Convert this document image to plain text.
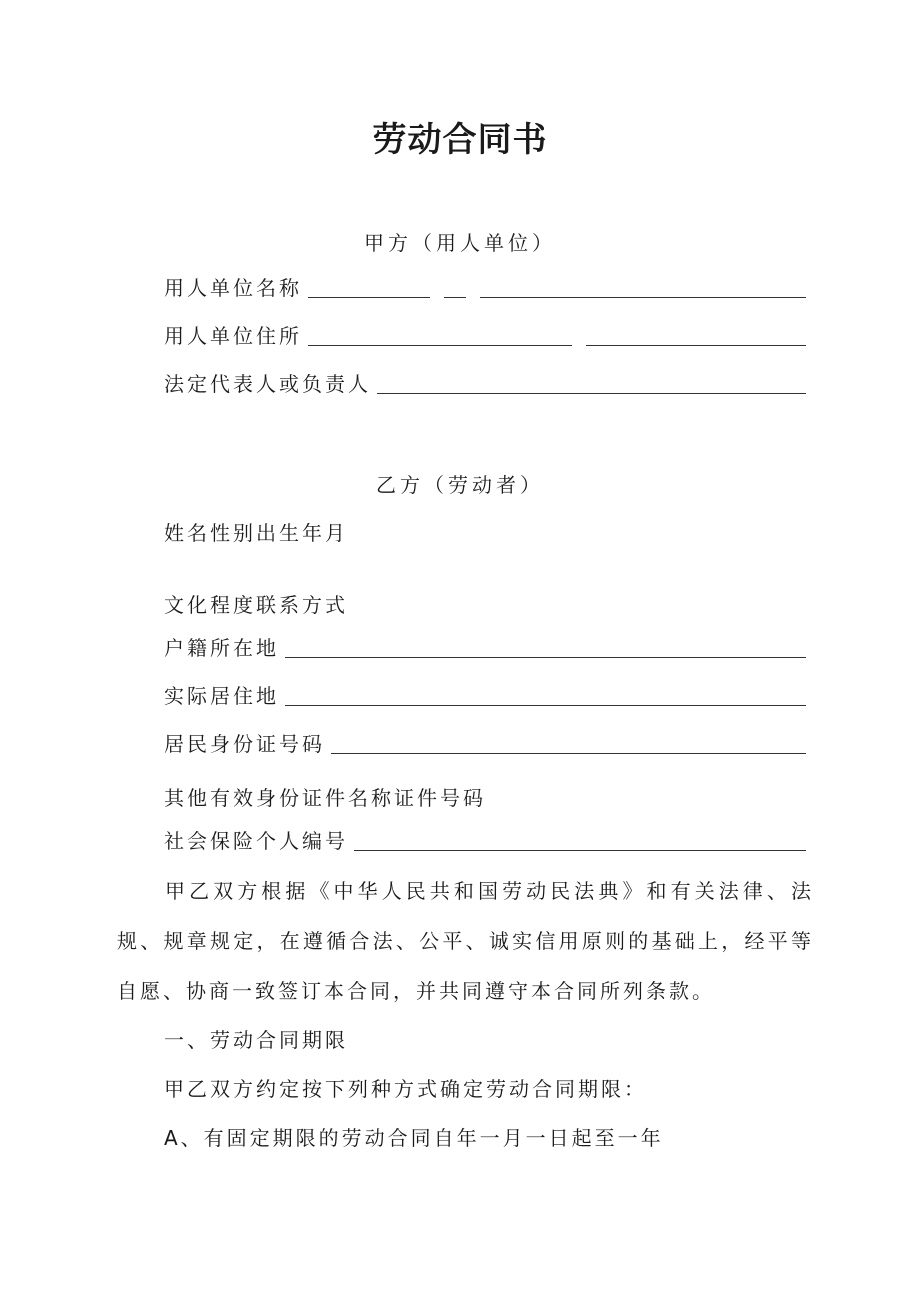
劳动合同书
甲方（用人单位）
用人单位名称
用人单位住所
法定代表人或负责人
乙方（劳动者）
姓名性别出生年月
文化程度联系方式
户籍所在地
实际居住地
居民身份证号码
其他有效身份证件名称证件号码
社会保险个人编号
甲乙双方根据《中华人民共和国劳动民法典》和有关法律、法规、规章规定，在遵循合法、公平、诚实信用原则的基础上，经平等自愿、协商一致签订本合同，并共同遵守本合同所列条款。
一、劳动合同期限
甲乙双方约定按下列种方式确定劳动合同期限：
A、有固定期限的劳动合同自年一月一日起至一年
